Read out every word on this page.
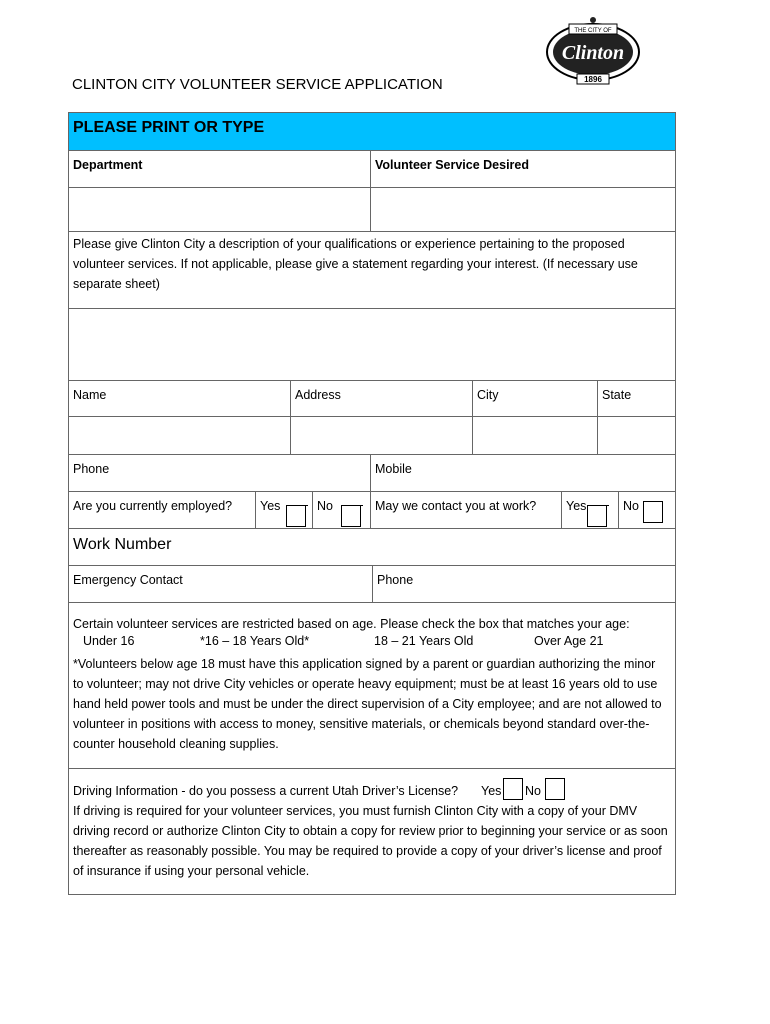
THE CITY OF
Clinton
1896
CLINTON CITY VOLUNTEER SERVICE APPLICATION
PLEASE PRINT OR TYPE
Department	Volunteer Service Desired
Please give Clinton City a description of your qualifications or experience pertaining to the proposed volunteer services. If not applicable, please give a statement regarding your interest. (If necessary use separate sheet)
Name	Address	City	State
Phone	Mobile
Are you currently employed? Yes	No	May we contact you at work? Yes	No
Work Number
Emergency Contact	Phone
Certain volunteer services are restricted based on age. Please check the box that matches your age:
Under 16	*16 – 18 Years Old*	18 – 21 Years Old	Over Age 21
*Volunteers below age 18 must have this application signed by a parent or guardian authorizing the minor to volunteer; may not drive City vehicles or operate heavy equipment; must be at least 16 years old to use hand held power tools and must be under the direct supervision of a City employee; and are not allowed to volunteer in positions with access to money, sensitive materials, or chemicals beyond standard over-the-counter household cleaning supplies.
Driving Information - do you possess a current Utah Driver’s License? Yes No
If driving is required for your volunteer services, you must furnish Clinton City with a copy of your DMV driving record or authorize Clinton City to obtain a copy for review prior to beginning your service or as soon thereafter as reasonably possible. You may be required to provide a copy of your driver’s license and proof of insurance if using your personal vehicle.
